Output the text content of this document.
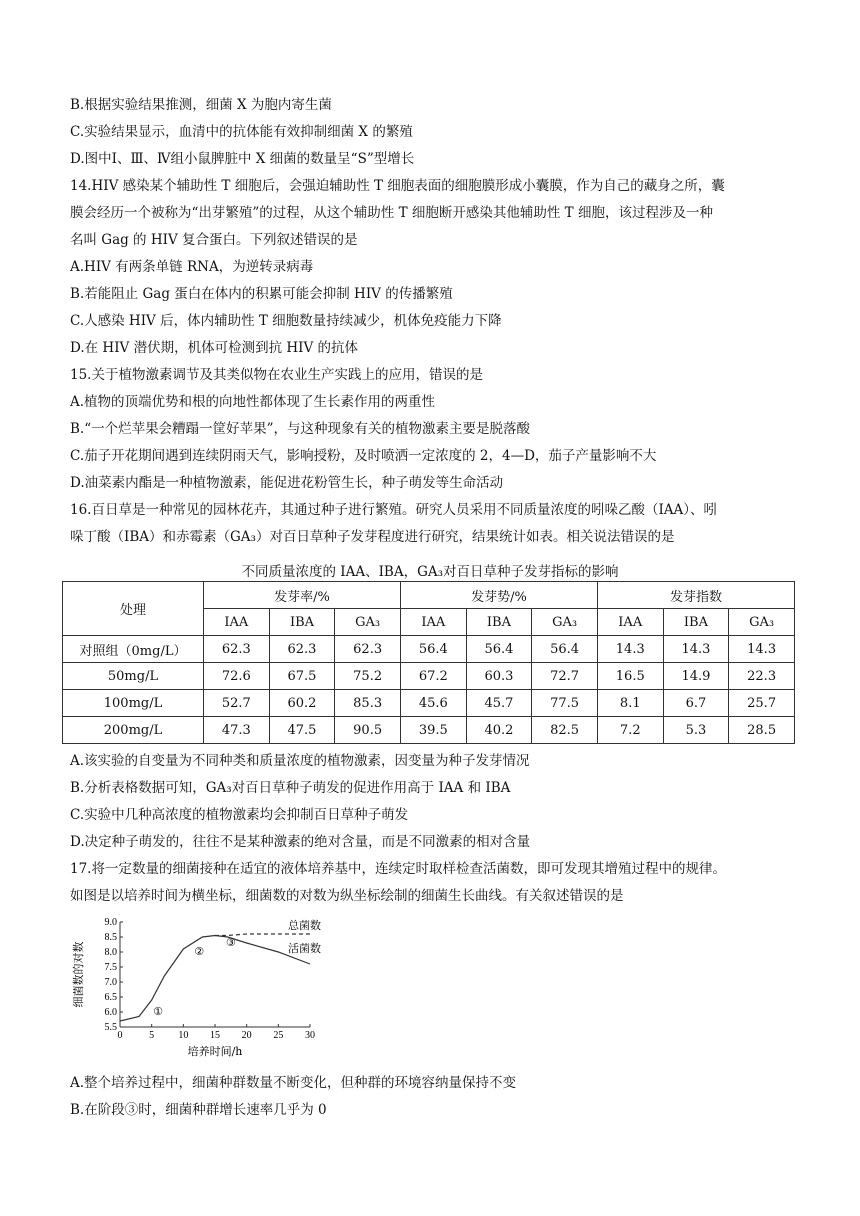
B.根据实验结果推测，细菌 X 为胞内寄生菌
C.实验结果显示，血清中的抗体能有效抑制细菌 X 的繁殖
D.图中Ⅰ、Ⅲ、Ⅳ组小鼠脾脏中 X 细菌的数量呈“S”型增长
14.HIV 感染某个辅助性 T 细胞后，会强迫辅助性 T 细胞表面的细胞膜形成小囊膜，作为自己的藏身之所，囊
膜会经历一个被称为“出芽繁殖”的过程，从这个辅助性 T 细胞断开感染其他辅助性 T 细胞，该过程涉及一种
名叫 Gag 的 HIV 复合蛋白。下列叙述错误的是
A.HIV 有两条单链 RNA，为逆转录病毒
B.若能阻止 Gag 蛋白在体内的积累可能会抑制 HIV 的传播繁殖
C.人感染 HIV 后，体内辅助性 T 细胞数量持续减少，机体免疫能力下降
D.在 HIV 潜伏期，机体可检测到抗 HIV 的抗体
15.关于植物激素调节及其类似物在农业生产实践上的应用，错误的是
A.植物的顶端优势和根的向地性都体现了生长素作用的两重性
B.“一个烂苹果会糟蹋一筐好苹果”，与这种现象有关的植物激素主要是脱落酸
C.茄子开花期间遇到连续阴雨天气，影响授粉，及时喷洒一定浓度的 2，4—D，茄子产量影响不大
D.油菜素内酯是一种植物激素，能促进花粉管生长，种子萌发等生命活动
16.百日草是一种常见的园林花卉，其通过种子进行繁殖。研究人员采用不同质量浓度的吲哚乙酸（IAA）、吲
哚丁酸（IBA）和赤霉素（GA₃）对百日草种子发芽程度进行研究，结果统计如表。相关说法错误的是
不同质量浓度的 IAA、IBA，GA₃对百日草种子发芽指标的影响
处理	发芽率/%			发芽势/%			发芽指数		
	IAA	IBA	GA₃	IAA	IBA	GA₃	IAA	IBA	GA₃
对照组（0mg/L）	62.3	62.3	62.3	56.4	56.4	56.4	14.3	14.3	14.3
50mg/L	72.6	67.5	75.2	67.2	60.3	72.7	16.5	14.9	22.3
100mg/L	52.7	60.2	85.3	45.6	45.7	77.5	8.1	6.7	25.7
200mg/L	47.3	47.5	90.5	39.5	40.2	82.5	7.2	5.3	28.5
A.该实验的自变量为不同种类和质量浓度的植物激素，因变量为种子发芽情况
B.分析表格数据可知，GA₃对百日草种子萌发的促进作用高于 IAA 和 IBA
C.实验中几种高浓度的植物激素均会抑制百日草种子萌发
D.决定种子萌发的，往往不是某种激素的绝对含量，而是不同激素的相对含量
17.将一定数量的细菌接种在适宜的液体培养基中，连续定时取样检查活菌数，即可发现其增殖过程中的规律。
如图是以培养时间为横坐标，细菌数的对数为纵坐标绘制的细菌生长曲线。有关叙述错误的是
0	5 10 15 20 25 30
5.5
6.0
6.5
7.0
7.5
8.0
8.5
9.0	总菌数
活菌数
①
②
③
培养时间/h
细菌数的对数
A.整个培养过程中，细菌种群数量不断变化，但种群的环境容纳量保持不变
B.在阶段③时，细菌种群增长速率几乎为 0
